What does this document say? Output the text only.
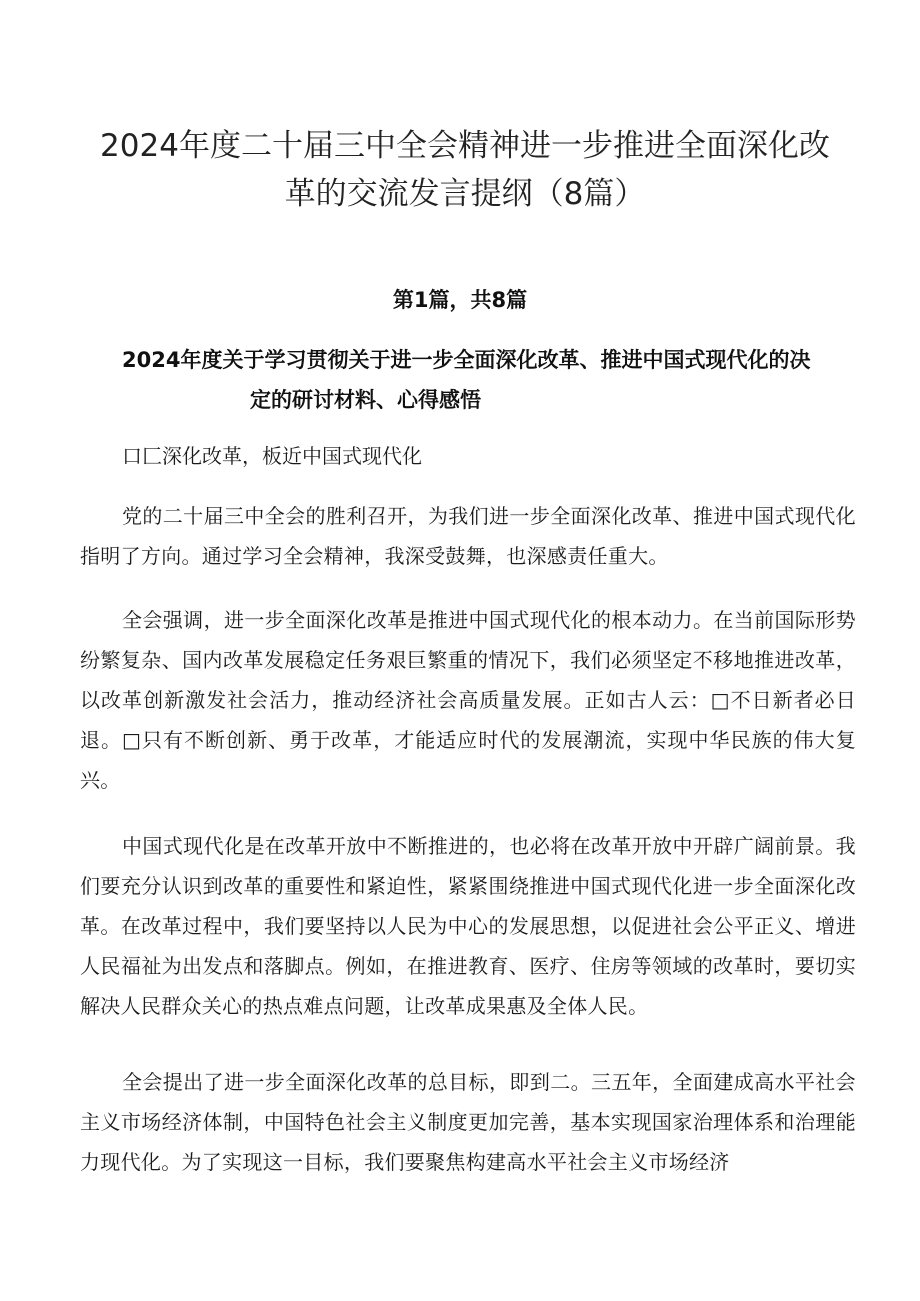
2024年度二十届三中全会精神进一步推进全面深化改革的交流发言提纲（8篇）
第1篇，共8篇
2024年度关于学习贯彻关于进一步全面深化改革、推进中国式现代化的决
定的研讨材料、心得感悟
口匚深化改革，板近中国式现代化

党的二十届三中全会的胜利召开，为我们进一步全面深化改革、推进中国式现代化指明了方向。通过学习全会精神，我深受鼓舞，也深感责任重大。

全会强调，进一步全面深化改革是推进中国式现代化的根本动力。在当前国际形势纷繁复杂、国内改革发展稳定任务艰巨繁重的情况下，我们必须坚定不移地推进改革，以改革创新激发社会活力，推动经济社会高质量发展。正如古人云：□不日新者必日退。□只有不断创新、勇于改革，才能适应时代的发展潮流，实现中华民族的伟大复兴。

中国式现代化是在改革开放中不断推进的，也必将在改革开放中开辟广阔前景。我们要充分认识到改革的重要性和紧迫性，紧紧围绕推进中国式现代化进一步全面深化改革。在改革过程中，我们要坚持以人民为中心的发展思想，以促进社会公平正义、增进人民福祉为出发点和落脚点。例如，在推进教育、医疗、住房等领域的改革时，要切实解决人民群众关心的热点难点问题，让改革成果惠及全体人民。

全会提出了进一步全面深化改革的总目标，即到二。三五年，全面建成高水平社会主义市场经济体制，中国特色社会主义制度更加完善，基本实现国家治理体系和治理能力现代化。为了实现这一目标，我们要聚焦构建高水平社会主义市场经济
